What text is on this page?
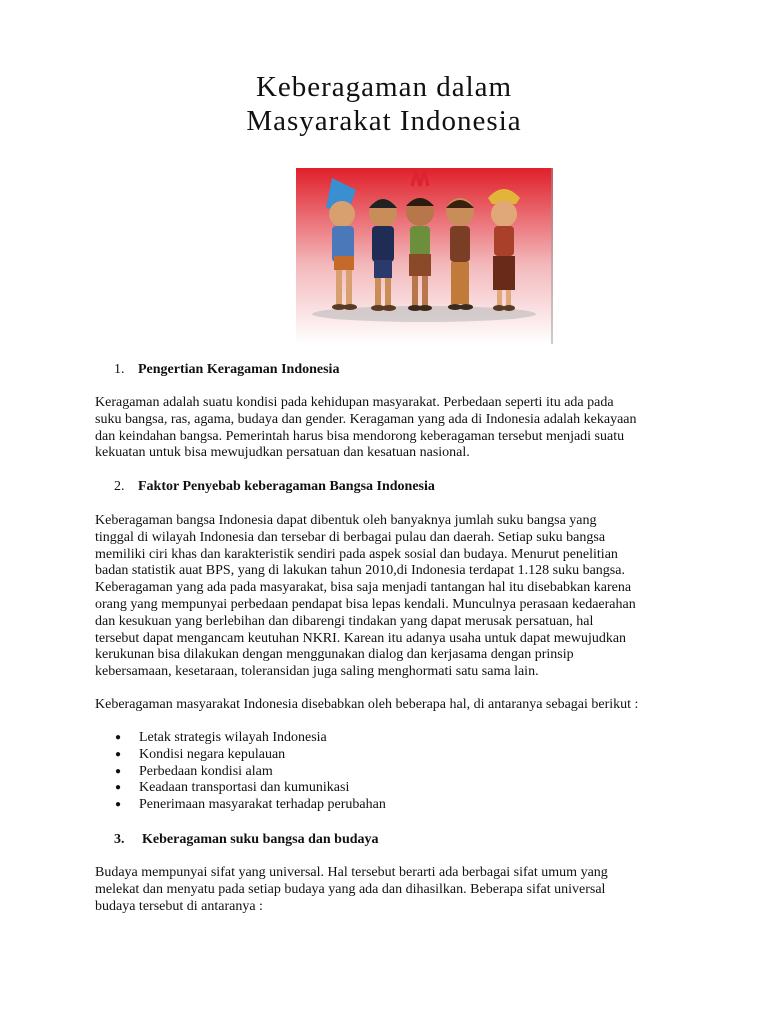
Keberagaman dalam
Masyarakat Indonesia

1. Pengertian Keragaman Indonesia

Keragaman adalah suatu kondisi pada kehidupan masyarakat. Perbedaan seperti itu ada pada
suku bangsa, ras, agama, budaya dan gender. Keragaman yang ada di Indonesia adalah kekayaan
dan keindahan bangsa. Pemerintah harus bisa mendorong keberagaman tersebut menjadi suatu
kekuatan untuk bisa mewujudkan persatuan dan kesatuan nasional.

2. Faktor Penyebab keberagaman Bangsa Indonesia

Keberagaman bangsa Indonesia dapat dibentuk oleh banyaknya jumlah suku bangsa yang
tinggal di wilayah Indonesia dan tersebar di berbagai pulau dan daerah. Setiap suku bangsa
memiliki ciri khas dan karakteristik sendiri pada aspek sosial dan budaya. Menurut penelitian
badan statistik auat BPS, yang di lakukan tahun 2010,di Indonesia terdapat 1.128 suku bangsa.
Keberagaman yang ada pada masyarakat, bisa saja menjadi tantangan hal itu disebabkan karena
orang yang mempunyai perbedaan pendapat bisa lepas kendali. Munculnya perasaan kedaerahan
dan kesukuan yang berlebihan dan dibarengi tindakan yang dapat merusak persatuan, hal
tersebut dapat mengancam keutuhan NKRI. Karean itu adanya usaha untuk dapat mewujudkan
kerukunan bisa dilakukan dengan menggunakan dialog dan kerjasama dengan prinsip
kebersamaan, kesetaraan, toleransidan juga saling menghormati satu sama lain.

Keberagaman masyarakat Indonesia disebabkan oleh beberapa hal, di antaranya sebagai berikut :

●	Letak strategis wilayah Indonesia
●	Kondisi negara kepulauan
●	Perbedaan kondisi alam
●	Keadaan transportasi dan kumunikasi
●	Penerimaan masyarakat terhadap perubahan

3. Keberagaman suku bangsa dan budaya

Budaya mempunyai sifat yang universal. Hal tersebut berarti ada berbagai sifat umum yang
melekat dan menyatu pada setiap budaya yang ada dan dihasilkan. Beberapa sifat universal
budaya tersebut di antaranya :
